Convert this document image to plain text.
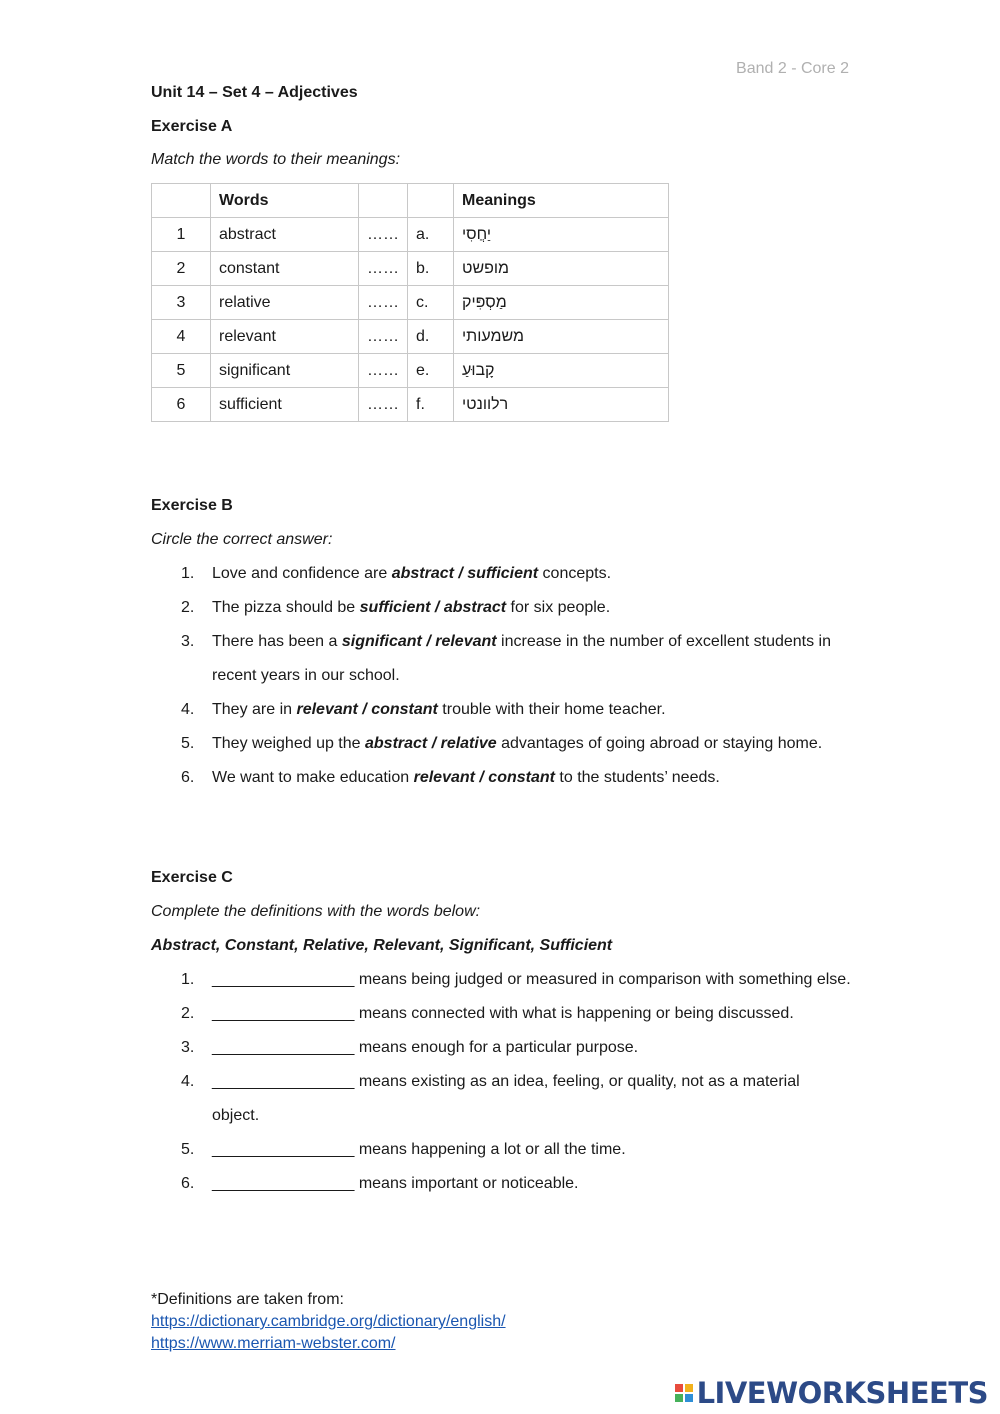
Band 2 - Core 2
Unit 14 – Set 4 – Adjectives
Exercise A
Match the words to their meanings:
	Words			Meanings
1	abstract	……	a.	יַחֲסִי
2	constant	……	b.	מופשט
3	relative	……	c.	מַסְפִּיק
4	relevant	……	d.	משמעותי
5	significant	……	e.	קָבוּעַ
6	sufficient	……	f.	רלוונטי
Exercise B
Circle the correct answer:
1. Love and confidence are abstract / sufficient concepts.
2. The pizza should be sufficient / abstract for six people.
3. There has been a significant / relevant increase in the number of excellent students in recent years in our school.
4. They are in relevant / constant trouble with their home teacher.
5. They weighed up the abstract / relative advantages of going abroad or staying home.
6. We want to make education relevant / constant to the students’ needs.
Exercise C
Complete the definitions with the words below:
Abstract, Constant, Relative, Relevant, Significant, Sufficient
1. ________________ means being judged or measured in comparison with something else.
2. ________________ means connected with what is happening or being discussed.
3. ________________ means enough for a particular purpose.
4. ________________ means existing as an idea, feeling, or quality, not as a material object.
5. ________________ means happening a lot or all the time.
6. ________________ means important or noticeable.
*Definitions are taken from:
https://dictionary.cambridge.org/dictionary/english/
https://www.merriam-webster.com/
LIVEWORKSHEETS
